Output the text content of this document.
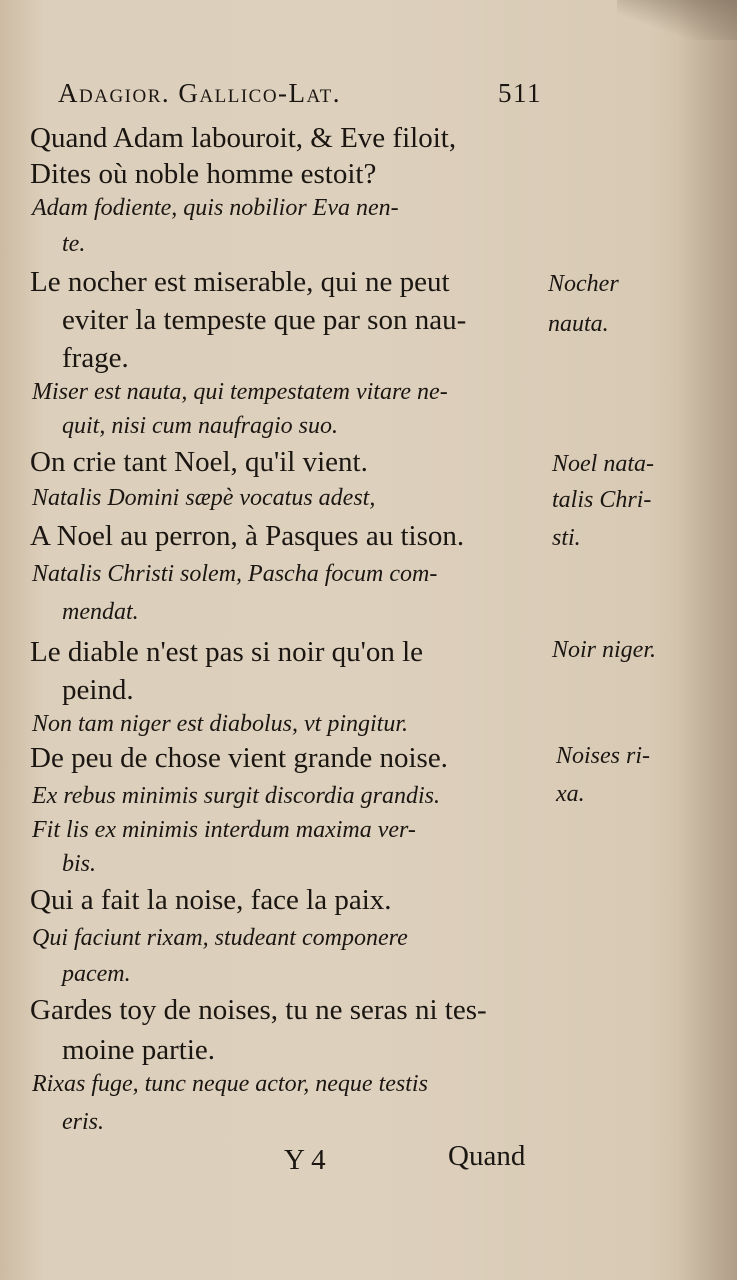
Adagior. Gallico-Lat.	511
Quand Adam labouroit, & Eve filoit,
Dites où noble homme estoit?
Adam fodiente, quis nobilior Eva nen-
te.
Le nocher est miserable, qui ne peut
eviter la tempeste que par son nau-
frage.
Miser est nauta, qui tempestatem vitare ne-
quit, nisi cum naufragio suo.
On crie tant Noel, qu'il vient.
Natalis Domini sæpè vocatus adest,
A Noel au perron, à Pasques au tison.
Natalis Christi solem, Pascha focum com-
mendat.
Le diable n'est pas si noir qu'on le
peind.
Non tam niger est diabolus, vt pingitur.
De peu de chose vient grande noise.
Ex rebus minimis surgit discordia grandis.
Fit lis ex minimis interdum maxima ver-
bis.
Qui a fait la noise, face la paix.
Qui faciunt rixam, studeant componere
pacem.
Gardes toy de noises, tu ne seras ni tes-
moine partie.
Rixas fuge, tunc neque actor, neque testis
eris.
Nocher
nauta.
Noel nata-
talis Chri-
sti.
Noir niger.
Noises ri-
xa.
Y 4	Quand
